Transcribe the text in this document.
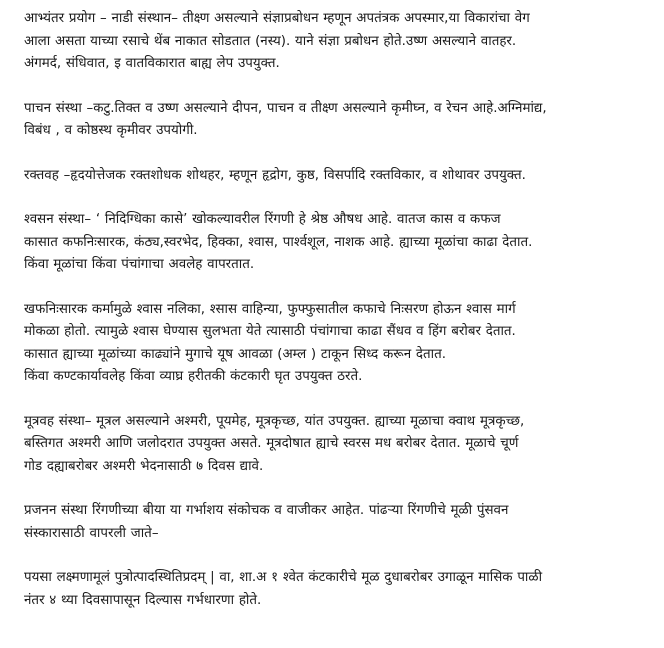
आभ्यंतर प्रयोग – नाडी संस्थान– तीक्ष्ण असल्याने संज्ञाप्रबोधन म्हणून अपतंत्रक अपस्मार,या विकारांचा वेग
आला असता याच्या रसाचे थेंब नाकात सोडतात (नस्य). याने संज्ञा प्रबोधन होते.उष्ण असल्याने वातहर.
अंगमर्द, संधिवात, इ वातविकारात बाह्य लेप उपयुक्त.

पाचन संस्था –कटु.तिक्त व उष्ण असल्याने दीपन, पाचन व तीक्ष्ण असल्याने कृमीघ्न, व रेचन आहे.अग्निमांद्य,
विबंध , व कोष्ठस्थ कृमीवर उपयोगी.

रक्तवह –हृदयोत्तेजक रक्तशोधक शोथहर, म्हणून हृद्रोग, कुष्ठ, विसर्पादि रक्तविकार, व शोथावर उपयुक्त.

श्वसन संस्था– ‘ निदिग्धिका कासे’ खोकल्यावरील रिंगणी हे श्रेष्ठ औषध आहे. वातज कास व कफज
कासात कफनिःसारक, कंठ्य,स्वरभेद, हिक्का, श्वास, पार्श्वशूल, नाशक आहे. ह्याच्या मूळांचा काढा देतात.
किंवा मूळांचा किंवा पंचांगाचा अवलेह वापरतात.

खफनिःसारक कर्मामुळे श्वास नलिका, श्सास वाहिन्या, फुफ्फुसातील कफाचे निःसरण होऊन श्वास मार्ग
मोकळा होतो. त्यामुळे श्वास घेण्यास सुलभता येते त्यासाठी पंचांगाचा काढा सैंधव व हिंग बरोबर देतात.
कासात ह्याच्या मूळांच्या काढ्यांने मुगाचे यूष आवळा (अम्ल ) टाकून सिध्द करून देतात.
किंवा कण्टकार्यावलेह किंवा व्याघ्र हरीतकी कंटकारी घृत उपयुक्त ठरते.

मूत्रवह संस्था– मूत्रल असल्याने अश्मरी, पूयमेह, मूत्रकृच्छ, यांत उपयुक्त. ह्याच्या मूळाचा क्वाथ मूत्रकृच्छ,
बस्तिगत अश्मरी आणि जलोदरात उपयुक्त असते. मूत्रदोषात ह्याचे स्वरस मध बरोबर देतात. मूळाचे चूर्ण
गोड दह्याबरोबर अश्मरी भेदनासाठी ७ दिवस द्यावे.

प्रजनन संस्था रिंगणीच्या बीया या गर्भाशय संकोचक व वाजीकर आहेत. पांढऱ्या रिंगणीचे मूळी पुंसवन
संस्कारासाठी वापरली जाते–

पयसा लक्ष्मणामूलं पुत्रोत्पादस्थितिप्रदम् | वा, शा.अ १ श्वेत कंटकारीचे मूळ दुधाबरोबर उगाळून मासिक पाळी
नंतर ४ थ्या दिवसापासून दिल्यास गर्भधारणा होते.
